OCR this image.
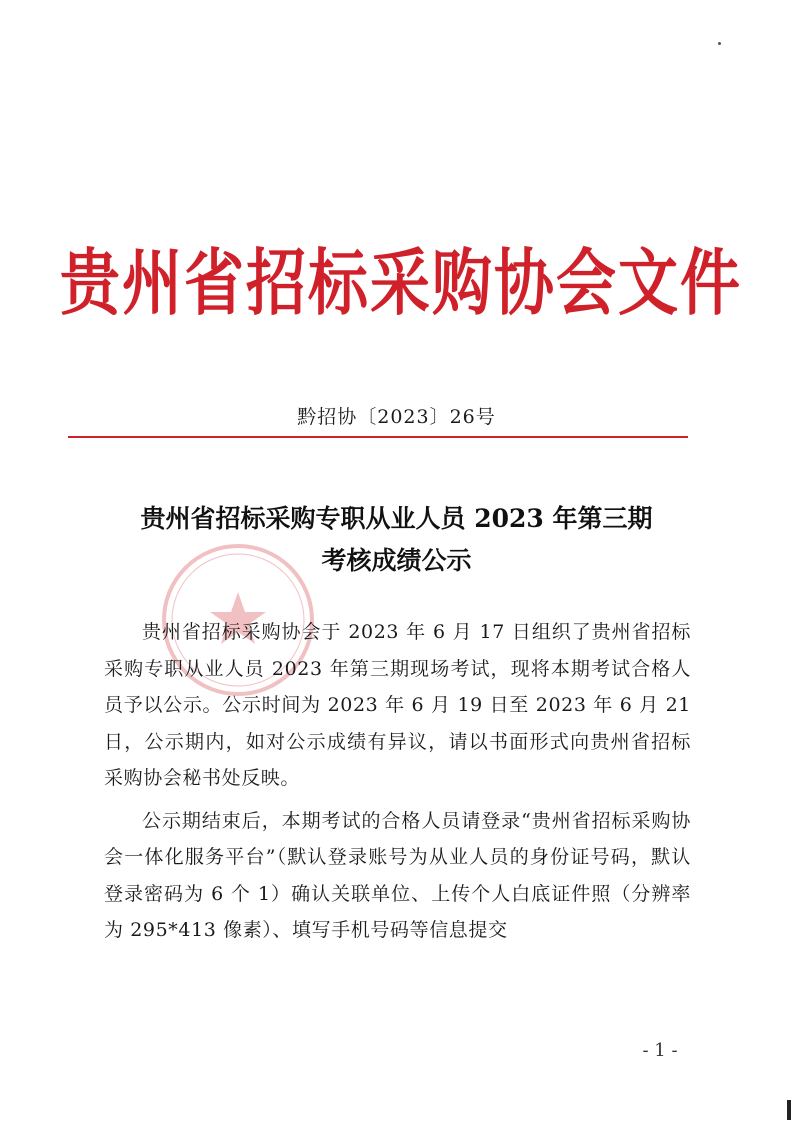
贵州省招标采购协会文件
黔招协〔2023〕26号
贵州省招标采购专职从业人员 2023 年第三期
考核成绩公示

贵州省招标采购协会于 2023 年 6 月 17 日组织了贵州省招标采购专职从业人员 2023 年第三期现场考试，现将本期考试合格人员予以公示。公示时间为 2023 年 6 月 19 日至 2023 年 6 月 21 日，公示期内，如对公示成绩有异议，请以书面形式向贵州省招标采购协会秘书处反映。

公示期结束后，本期考试的合格人员请登录“贵州省招标采购协会一体化服务平台”（默认登录账号为从业人员的身份证号码，默认登录密码为 6 个 1）确认关联单位、上传个人白底证件照（分辨率为 295*413 像素）、填写手机号码等信息提交

- 1 -
